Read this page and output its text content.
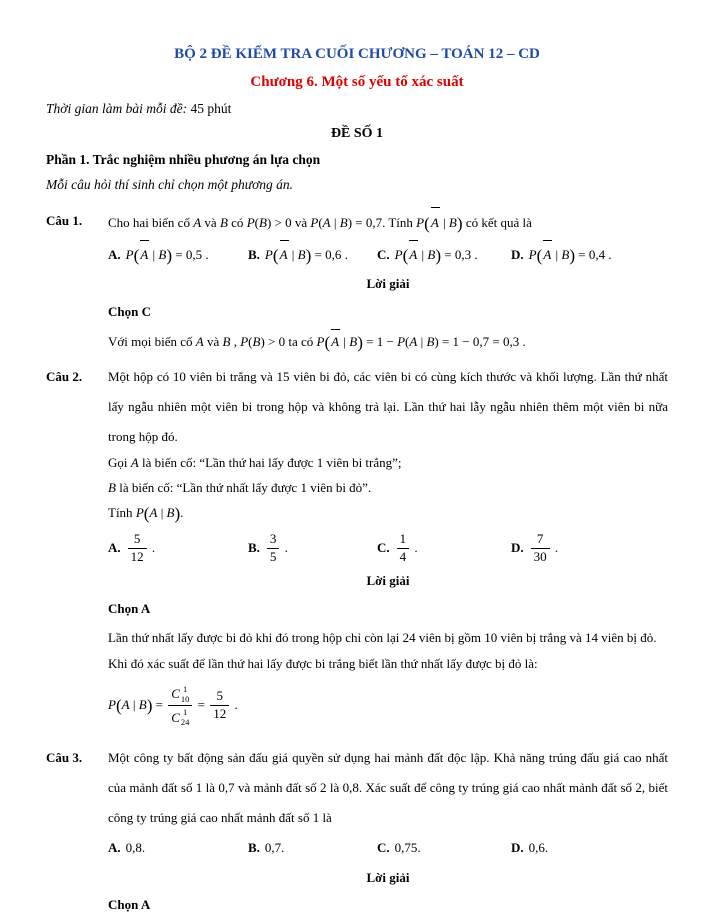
BỘ 2 ĐỀ KIỂM TRA CUỐI CHƯƠNG – TOÁN 12 – CD
Chương 6. Một số yếu tố xác suất
Thời gian làm bài mỗi đề: 45 phút
ĐỀ SỐ 1
Phần 1. Trắc nghiệm nhiều phương án lựa chọn
Mỗi câu hỏi thí sinh chỉ chọn một phương án.
Câu 1.	Cho hai biến cố A và B có P(B) > 0 và P(A | B) = 0,7. Tính P(A | B) có kết quả là

A. P(A | B) = 0,5 .	B. P(A | B) = 0,6 .	C. P(A | B) = 0,3 .	D. P(A | B) = 0,4 .
Lời giải
Chọn C

Với mọi biến cố A và B , P(B) > 0 ta có P(A | B) = 1 − P(A | B) = 1 − 0,7 = 0,3 .

Câu 2.	Một hộp có 10 viên bi trắng và 15 viên bi đỏ, các viên bi có cùng kích thước và khối lượng. Lần thứ nhất lấy ngẫu nhiên một viên bi trong hộp và không trả lại. Lần thứ hai lẫy ngẫu nhiên thêm một viên bi nữa trong hộp đó.

Gọi A là biến cố: “Lần thứ hai lấy được 1 viên bi trắng”;

B là biến cố: “Lần thứ nhất lấy được 1 viên bi đỏ”.

Tính P(A | B).

A. $\frac{5}{12}$ .	B. $\frac{3}{5}$ .	C. $\frac{1}{4}$ .	D. $\frac{7}{30}$ .
Lời giải
Chọn A

Lần thứ nhất lấy được bi đỏ khi đó trong hộp chỉ còn lại 24 viên bị gồm 10 viên bị trắng và 14 viên bị đỏ.

Khi đó xác suất để lần thứ hai lấy được bi trắng biết lần thứ nhất lấy được bị đỏ là:

P(A | B) = C 1
10
C 1
$24 = \frac{5}{12}$ .
Câu 3.	Một công ty bất động sản đấu giá quyền sử dụng hai mảnh đất độc lập. Khả năng trúng đấu giá cao nhất của mảnh đất số 1 là 0,7 và mảnh đất số 2 là 0,8. Xác suất để công ty trúng giá cao nhất mảnh đất số 2, biết công ty trúng giá cao nhất mảnh đất số 1 là

A. 0,8.	B. 0,7.	C. 0,75.	D. 0,6.
Lời giải
Chọn A
